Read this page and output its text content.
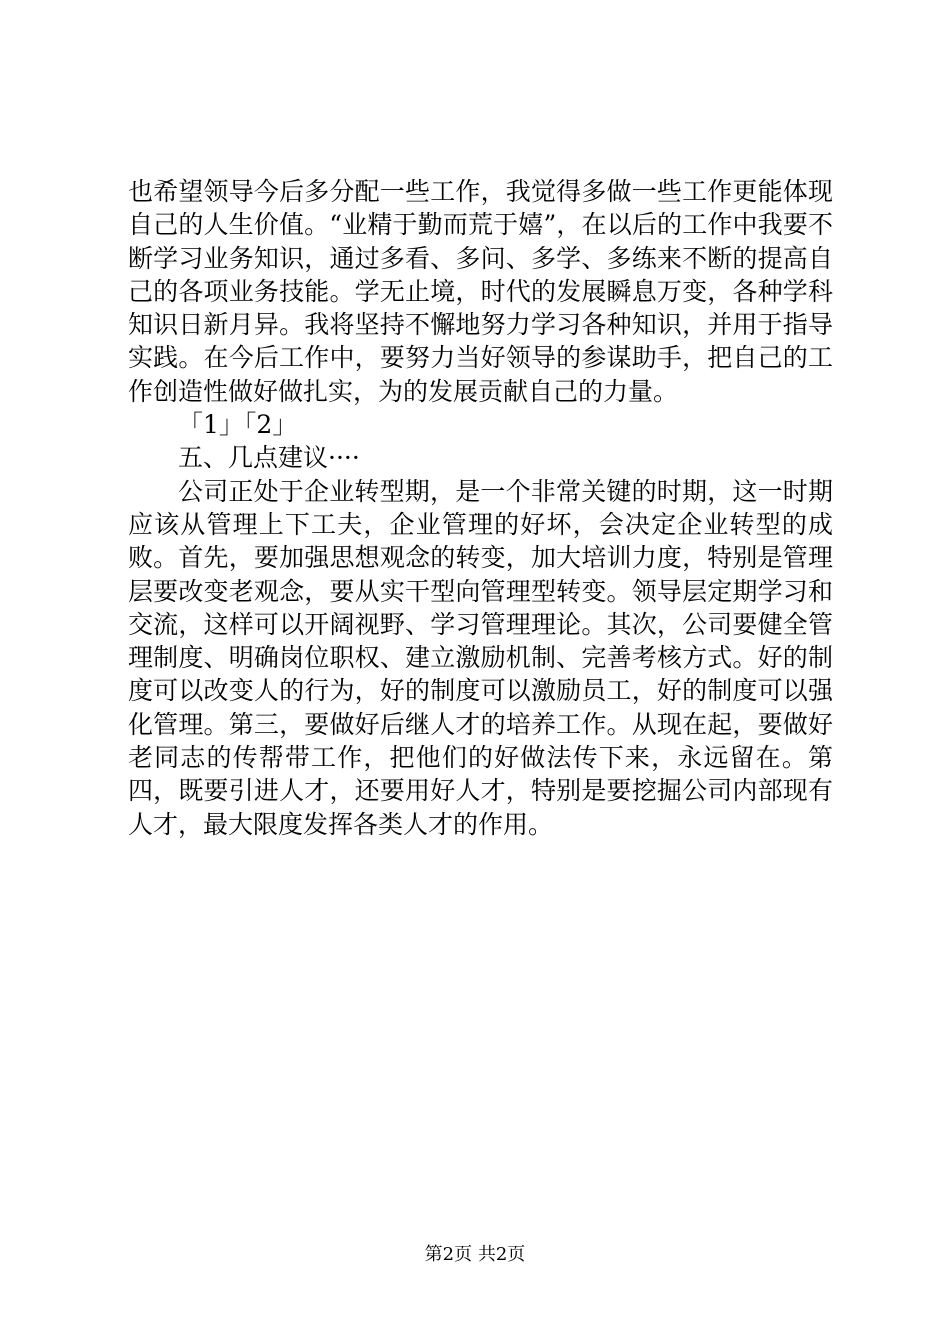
也希望领导今后多分配一些工作，我觉得多做一些工作更能体现自己的人生价值。“业精于勤而荒于嬉”，在以后的工作中我要不断学习业务知识，通过多看、多问、多学、多练来不断的提高自己的各项业务技能。学无止境，时代的发展瞬息万变，各种学科知识日新月异。我将坚持不懈地努力学习各种知识，并用于指导实践。在今后工作中，要努力当好领导的参谋助手，把自己的工作创造性做好做扎实，为的发展贡献自己的力量。

「1」「2」

五、几点建议····

公司正处于企业转型期，是一个非常关键的时期，这一时期应该从管理上下工夫，企业管理的好坏，会决定企业转型的成败。首先，要加强思想观念的转变，加大培训力度，特别是管理层要改变老观念，要从实干型向管理型转变。领导层定期学习和交流，这样可以开阔视野、学习管理理论。其次，公司要健全管理制度、明确岗位职权、建立激励机制、完善考核方式。好的制度可以改变人的行为，好的制度可以激励员工，好的制度可以强化管理。第三，要做好后继人才的培养工作。从现在起，要做好老同志的传帮带工作，把他们的好做法传下来，永远留在。第四，既要引进人才，还要用好人才，特别是要挖掘公司内部现有人才，最大限度发挥各类人才的作用。

第2页 共2页
